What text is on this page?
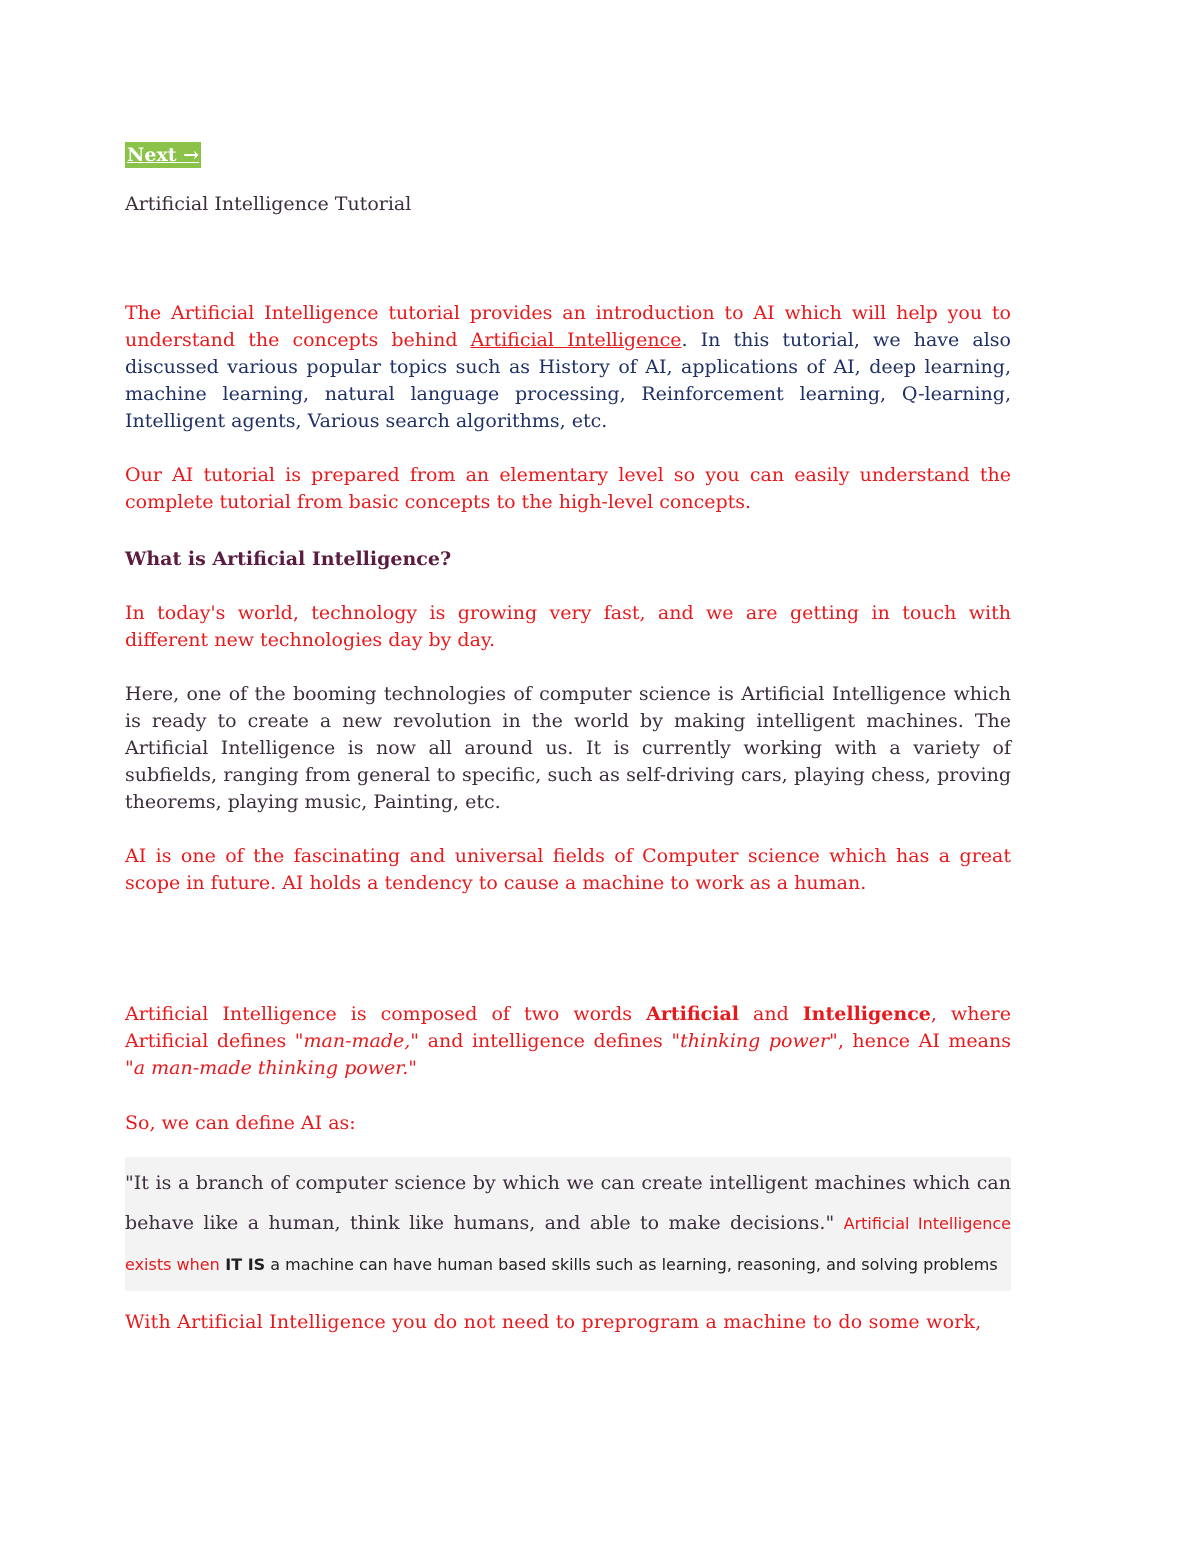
Next →

Artificial Intelligence Tutorial

The Artificial Intelligence tutorial provides an introduction to AI which will help you to understand the concepts behind Artificial Intelligence. In this tutorial, we have also discussed various popular topics such as History of AI, applications of AI, deep learning, machine learning, natural language processing, Reinforcement learning, Q-learning, Intelligent agents, Various search algorithms, etc.

Our AI tutorial is prepared from an elementary level so you can easily understand the complete tutorial from basic concepts to the high-level concepts.

What is Artificial Intelligence?

In today's world, technology is growing very fast, and we are getting in touch with different new technologies day by day.

Here, one of the booming technologies of computer science is Artificial Intelligence which is ready to create a new revolution in the world by making intelligent machines. The Artificial Intelligence is now all around us. It is currently working with a variety of subfields, ranging from general to specific, such as self-driving cars, playing chess, proving theorems, playing music, Painting, etc.

AI is one of the fascinating and universal fields of Computer science which has a great scope in future. AI holds a tendency to cause a machine to work as a human.

Artificial Intelligence is composed of two words Artificial and Intelligence, where Artificial defines "man-made," and intelligence defines "thinking power", hence AI means "a man-made thinking power."

So, we can define AI as:

"It is a branch of computer science by which we can create intelligent machines which can behave like a human, think like humans, and able to make decisions." Artificial Intelligence exists when IT IS a machine can have human based skills such as learning, reasoning, and solving problems

With Artificial Intelligence you do not need to preprogram a machine to do some work,
